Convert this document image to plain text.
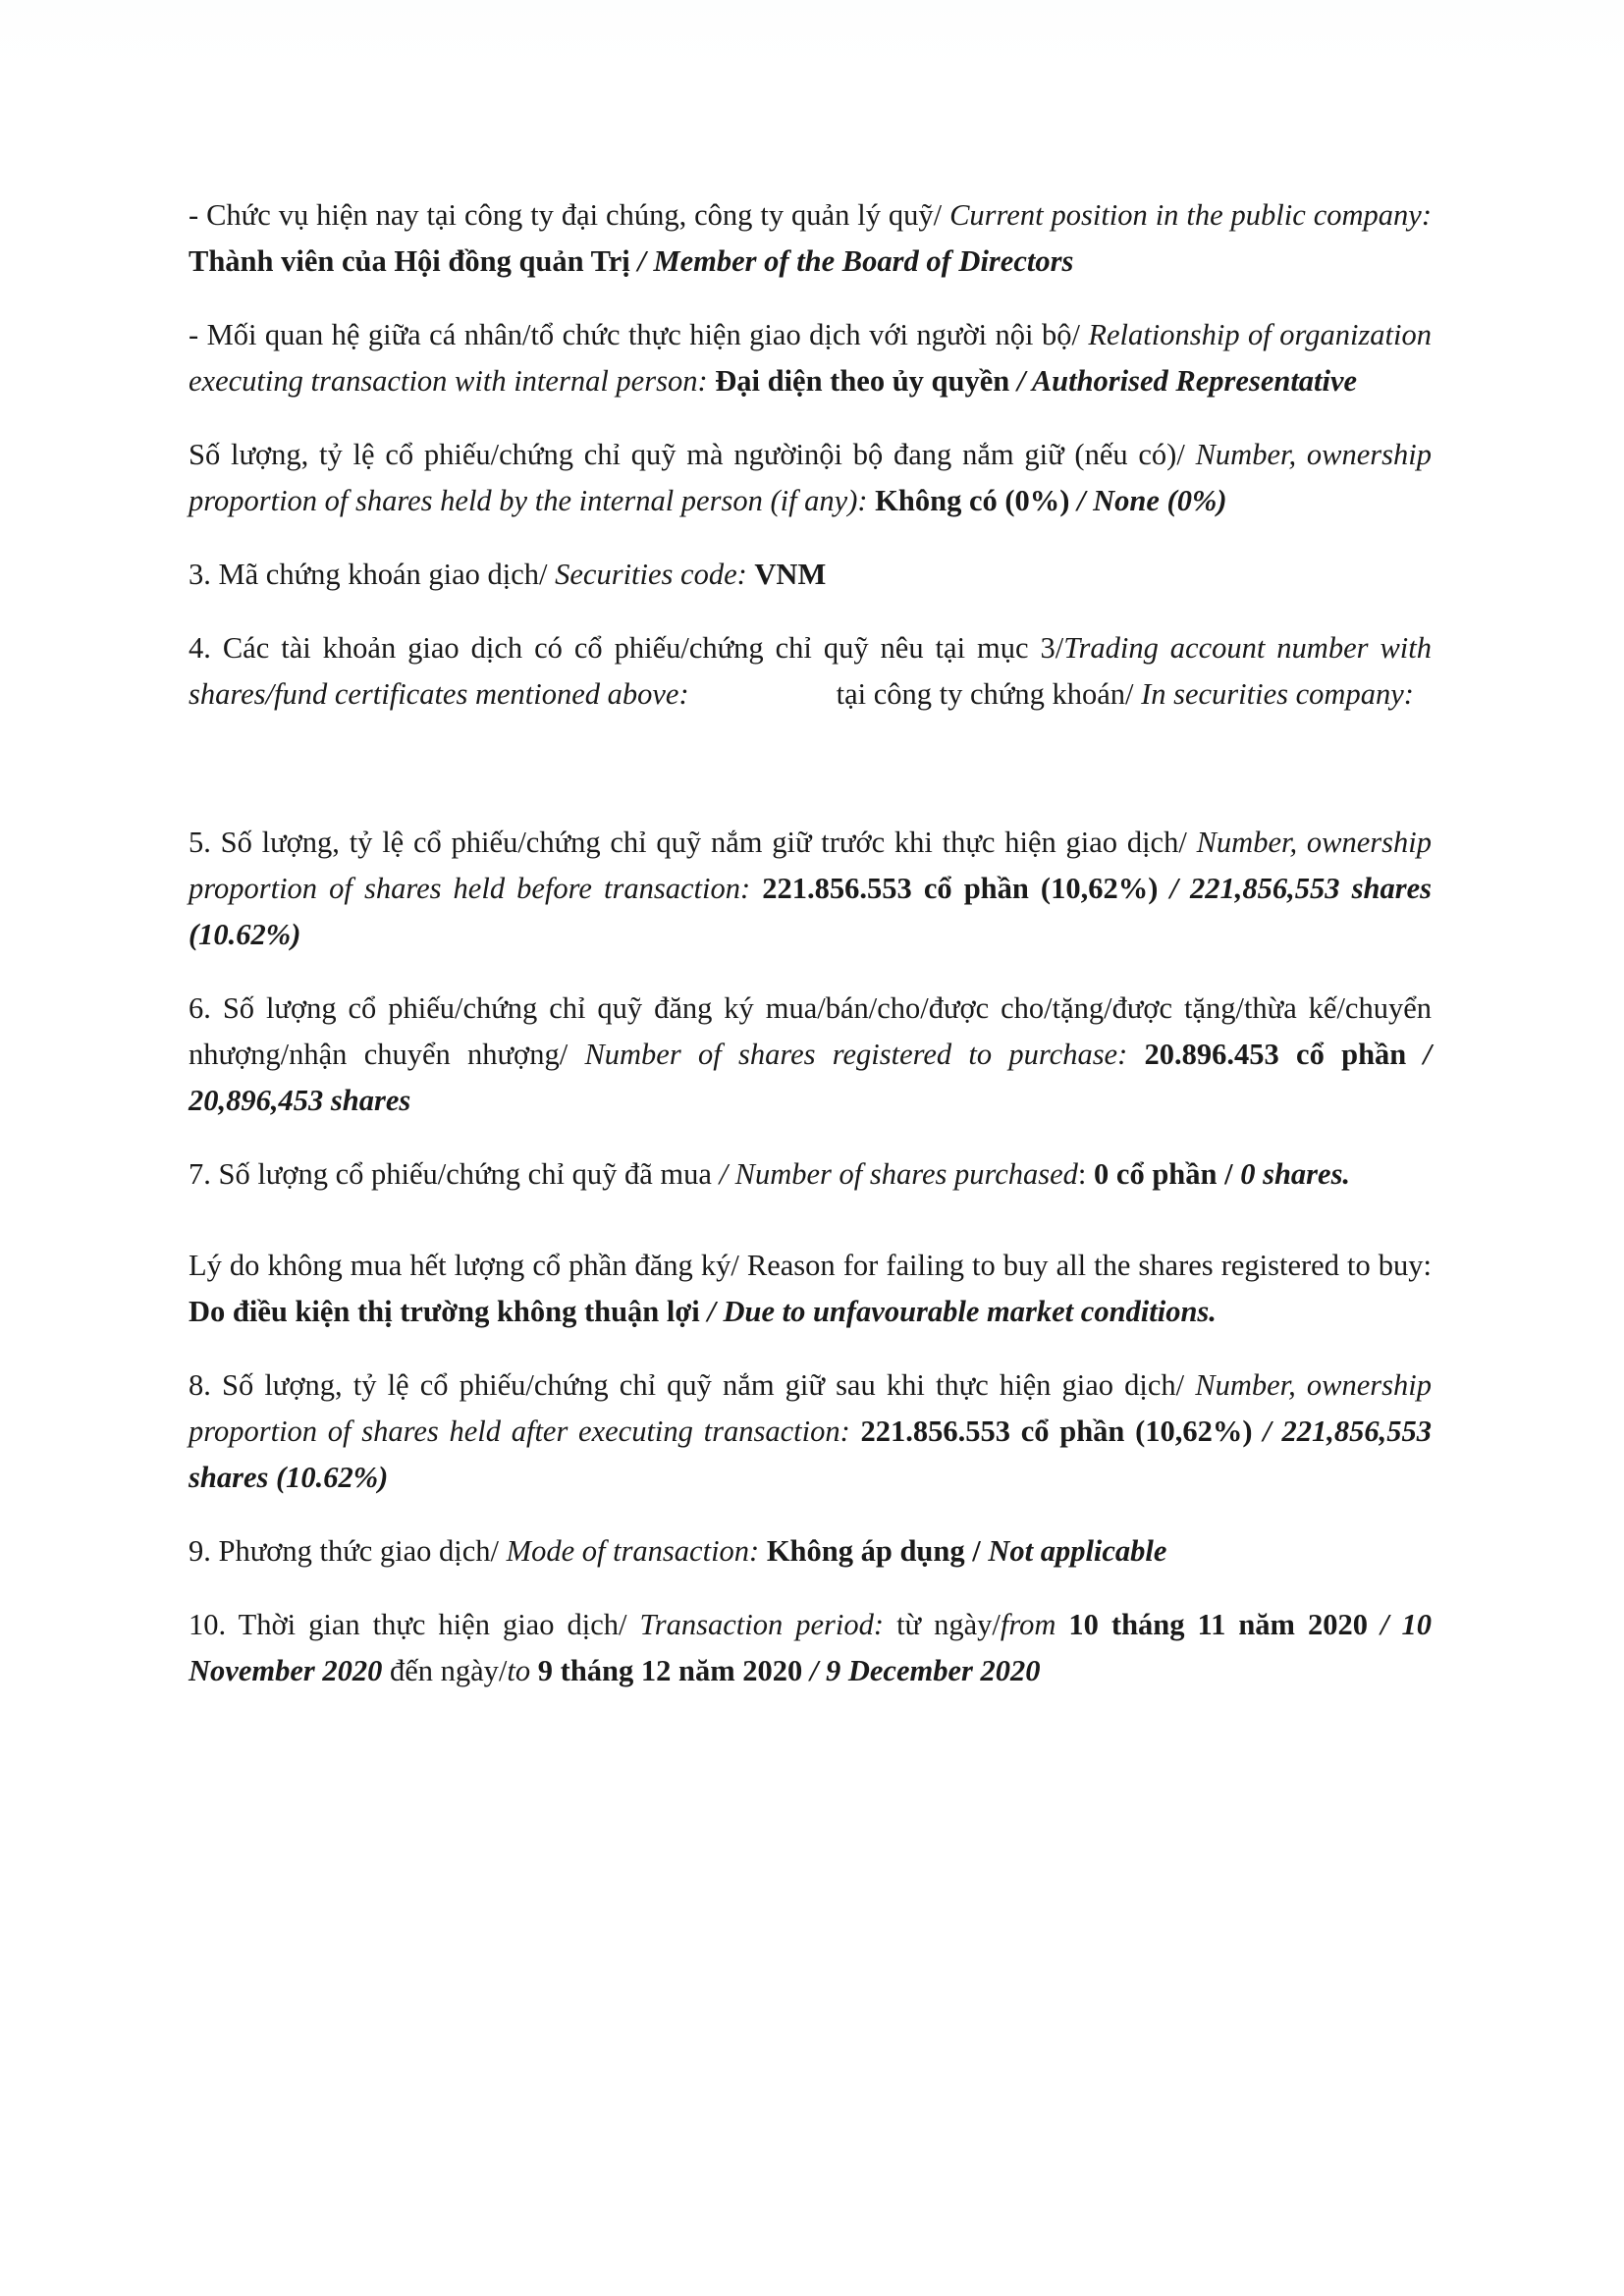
- Chức vụ hiện nay tại công ty đại chúng, công ty quản lý quỹ/ Current position in the public company: Thành viên của Hội đồng quản Trị / Member of the Board of Directors

- Mối quan hệ giữa cá nhân/tổ chức thực hiện giao dịch với người nội bộ/ Relationship of organization executing transaction with internal person: Đại diện theo ủy quyền / Authorised Representative

Số lượng, tỷ lệ cổ phiếu/chứng chỉ quỹ mà ngườinội bộ đang nắm giữ (nếu có)/ Number, ownership proportion of shares held by the internal person (if any): Không có (0%) / None (0%)

3. Mã chứng khoán giao dịch/ Securities code: VNM

4. Các tài khoản giao dịch có cổ phiếu/chứng chỉ quỹ nêu tại mục 3/Trading account number with shares/fund certificates mentioned above:	tại công ty chứng khoán/ In securities company:

5. Số lượng, tỷ lệ cổ phiếu/chứng chỉ quỹ nắm giữ trước khi thực hiện giao dịch/ Number, ownership proportion of shares held before transaction: 221.856.553 cổ phần (10,62%) / 221,856,553 shares (10.62%)

6. Số lượng cổ phiếu/chứng chỉ quỹ đăng ký mua/bán/cho/được cho/tặng/được tặng/thừa kế/chuyển nhượng/nhận chuyển nhượng/ Number of shares registered to purchase: 20.896.453 cổ phần / 20,896,453 shares

7. Số lượng cổ phiếu/chứng chỉ quỹ đã mua / Number of shares purchased: 0 cổ phần / 0 shares.

Lý do không mua hết lượng cổ phần đăng ký/ Reason for failing to buy all the shares registered to buy: Do điều kiện thị trường không thuận lợi / Due to unfavourable market conditions.

8. Số lượng, tỷ lệ cổ phiếu/chứng chỉ quỹ nắm giữ sau khi thực hiện giao dịch/ Number, ownership proportion of shares held after executing transaction: 221.856.553 cổ phần (10,62%) / 221,856,553 shares (10.62%)

9. Phương thức giao dịch/ Mode of transaction: Không áp dụng / Not applicable

10. Thời gian thực hiện giao dịch/ Transaction period: từ ngày/from 10 tháng 11 năm 2020 / 10 November 2020 đến ngày/to 9 tháng 12 năm 2020 / 9 December 2020
